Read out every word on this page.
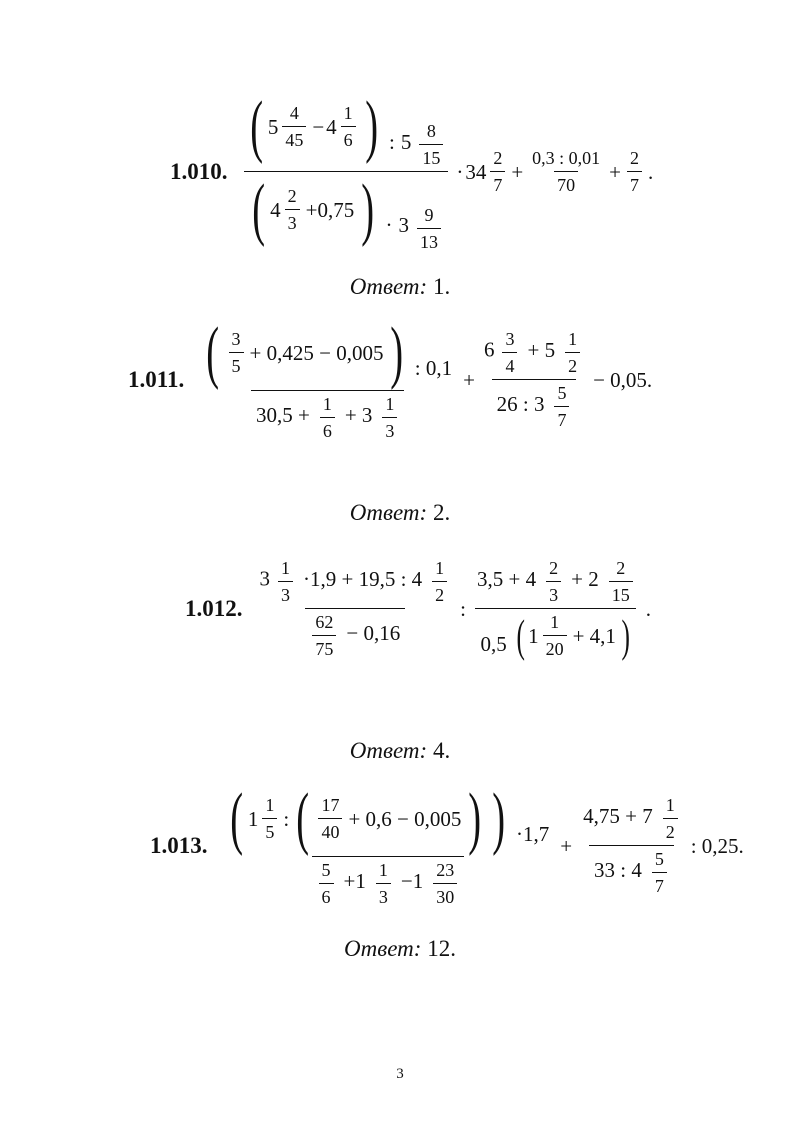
1.010.
( 5
4
45
− 4
1
6 ) : $5 \frac{8}{15}$
( 4
2
3
+0,75 ) · $3 \frac{9}{13}$
· 34
2
7
+ $\frac{0,3 : 0,01}{70} + \frac{2}{7}$ .
Ответ: 1.
1.011. ( 3
5
+ 0,425 − 0,005 ) : 0,1
$30,5 + \frac{1}{6} + 3 \frac{1}{3}$
+ $\frac{6 \frac{3}{4} + 5 \frac{1}{2}}{26 : 3 \frac{5}{7}} - 0,05$.
Ответ: 2.
1.012.
$3 \frac{1}{3} \cdot 1,9 + 19,5$ : $4 \frac{1}{2}$
$\frac{62}{75} - 0,16$
:
$3,5 + 4 \frac{2}{3} + 2 \frac{2}{15}$
0,5 ( 1
1
20
+ 4,1 )
.
Ответ: 4.
1.013. ( 1
1
5
: ( 17
40
+ 0,6 − 0,005 ) ) ·1,7
$\frac{5}{6} +1 \frac{1}{3} -1 \frac{23}{30}$
+ $\frac{4,75 + 7 \frac{1}{2}}{33 : 4 \frac{5}{7}}$ : 0,25.
Ответ: 12.
3
